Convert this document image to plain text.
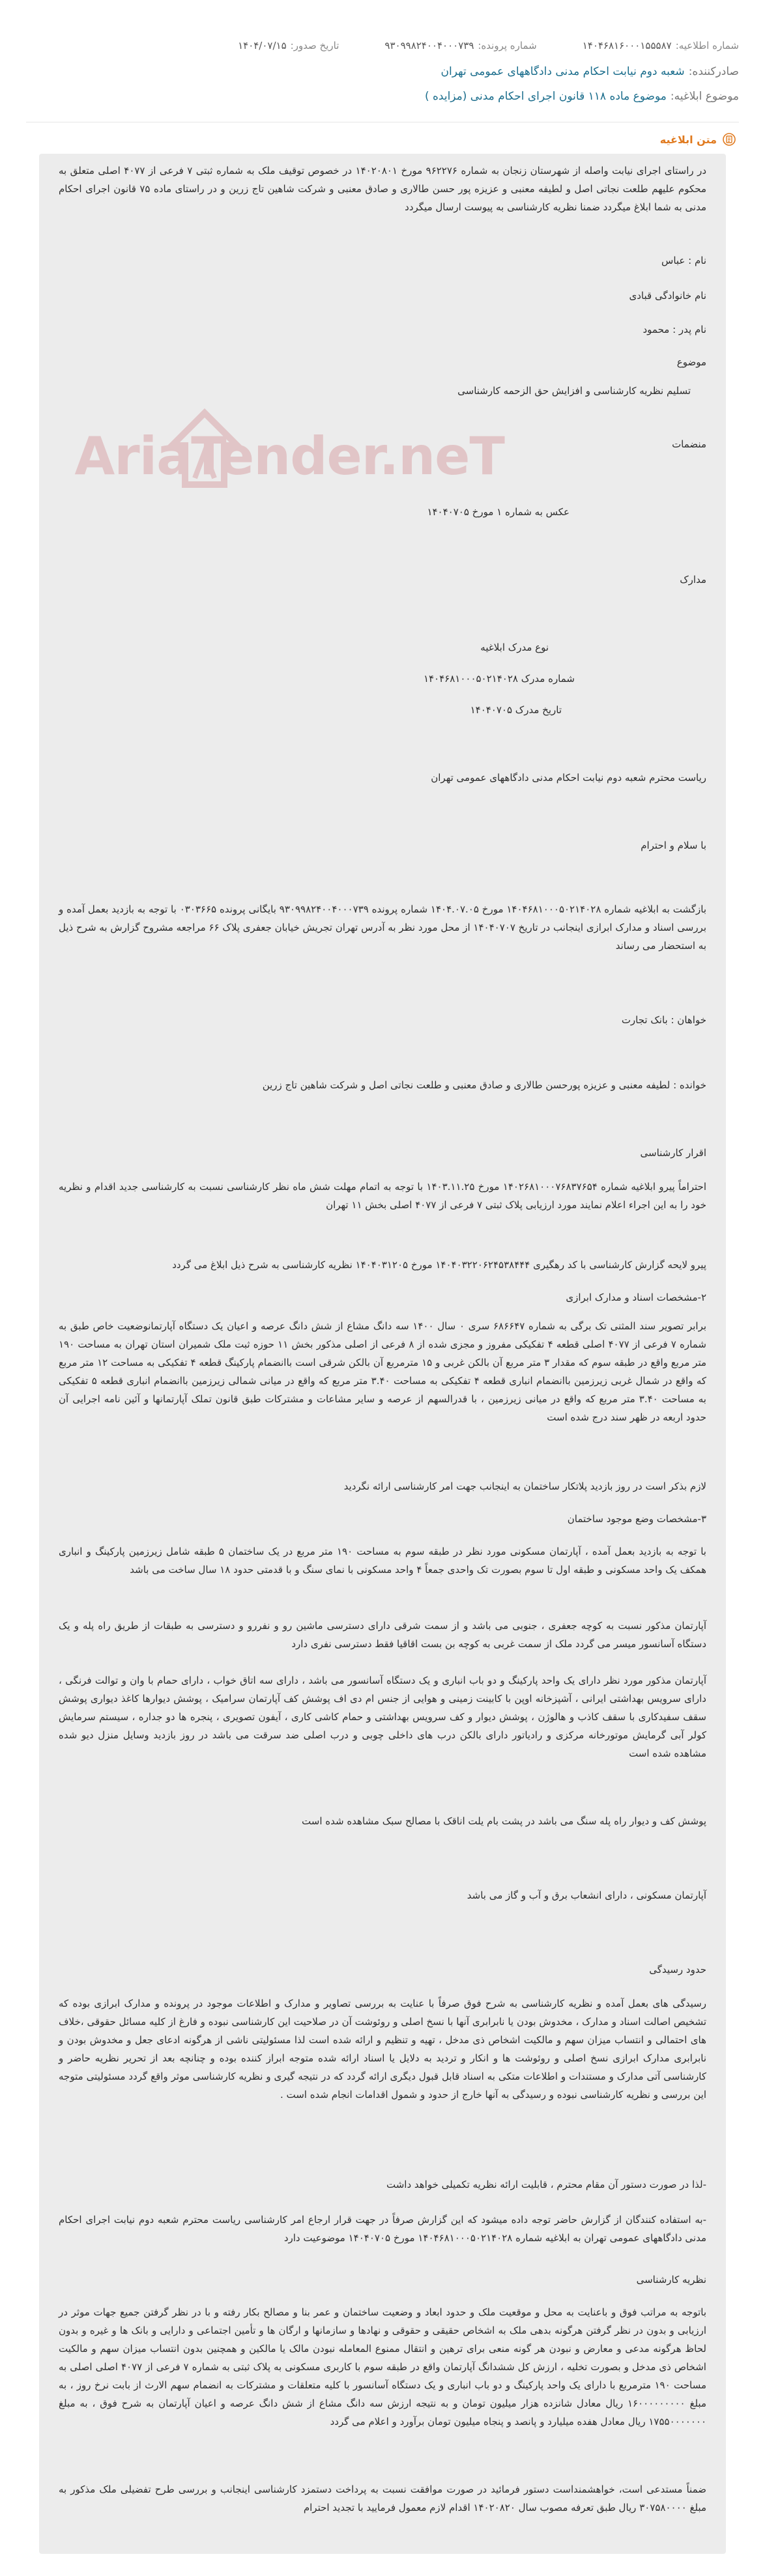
شماره اطلاعیه:۱۴۰۴۶۸۱۶۰۰۰۱۵۵۵۸۷
شماره پرونده:۹۳۰۹۹۸۲۴۰۰۴۰۰۰۷۳۹
تاریخ صدور:۱۴۰۴/۰۷/۱۵
صادرکننده:شعبه دوم نیابت احکام مدنی دادگاههای عمومی تهران
موضوع ابلاغیه:موضوع ماده ۱۱۸ قانون اجرای احکام مدنی (مزایده )
متن ابلاغیه
AriaTender.neT

در راستای اجرای نیابت واصله از شهرستان زنجان به شماره ۹۶۲۲۷۶ مورخ ۱۴۰۲۰۸۰۱ در خصوص توقیف ملک به شماره ثبتی ۷ فرعی از ۴۰۷۷ اصلی متعلق به محکوم علیهم طلعت نجاتی اصل و لطیفه معنبی و عزیزه پور حسن طالاری و صادق معنبی و شرکت شاهین تاج زرین و در راستای ماده ۷۵ قانون اجرای احکام مدنی به شما ابلاغ میگردد ضمنا نظریه کارشناسی به پیوست ارسال میگردد

نام : عباس

نام خانوادگی قبادی

نام پدر : محمود

موضوع

تسلیم نظریه کارشناسی و افزایش حق الزحمه کارشناسی

منضمات

عکس به شماره ۱ مورخ ۱۴۰۴۰۷۰۵

مدارک

نوع مدرک ابلاغیه

شماره مدرک ۱۴۰۴۶۸۱۰۰۰۵۰۲۱۴۰۲۸

تاریخ مدرک ۱۴۰۴۰۷۰۵

ریاست محترم شعبه دوم نیابت احکام مدنی دادگاههای عمومی تهران

با سلام و احترام

بازگشت به ابلاغیه شماره ۱۴۰۴۶۸۱۰۰۰۵۰۲۱۴۰۲۸ مورخ ۱۴۰۴.۰۷.۰۵ شماره پرونده ۹۳۰۹۹۸۲۴۰۰۴۰۰۰۷۳۹ بایگانی پرونده ۰۳۰۳۶۶۵ با توجه به بازدید بعمل آمده و بررسی اسناد و مدارک ابرازی اینجانب در تاریخ ۱۴۰۴۰۷۰۷ از محل مورد نظر به آدرس تهران تجریش خیابان جعفری پلاک ۶۶ مراجعه مشروح گزارش به شرح ذیل به استحضار می رساند

خواهان : بانک تجارت

خوانده : لطیفه معنبی و عزیزه پورحسن طالاری و صادق معنبی و طلعت نجاتی اصل و شرکت شاهین تاج زرین

اقرار کارشناسی

احتراماً پیرو ابلاغیه شماره ۱۴۰۲۶۸۱۰۰۰۷۶۸۳۷۶۵۴ مورخ ۱۴۰۳.۱۱.۲۵ با توجه به اتمام مهلت شش ماه نظر کارشناسی نسبت به کارشناسی جدید اقدام و نظریه خود را به این اجراء اعلام نمایند مورد ارزیابی پلاک ثبتی ۷ فرعی از ۴۰۷۷ اصلی بخش ۱۱ تهران

پیرو لایحه گزارش کارشناسی با کد رهگیری ۱۴۰۴۰۳۲۲۰۶۲۴۵۳۸۴۴۴ مورخ ۱۴۰۴۰۳۱۲۰۵ نظریه کارشناسی به شرح ذیل ابلاغ می گردد

۲-مشخصات اسناد و مدارک ابرازی

برابر تصویر سند المثنی تک برگی به شماره ۶۸۶۶۴۷ سری ۰ سال ۱۴۰۰ سه دانگ مشاع از شش دانگ عرصه و اعیان یک دستگاه آپارتمانوضعیت خاص طبق به شماره ۷ فرعی از ۴۰۷۷ اصلی قطعه ۴ تفکیکی مفروز و مجزی شده از ۸ فرعی از اصلی مذکور بخش ۱۱ حوزه ثبت ملک شمیران استان تهران به مساحت ۱۹۰ متر مربع واقع در طبقه سوم که مقدار ۳ متر مربع آن بالکن غربی و ۱۵ مترمربع آن بالکن شرقی است باانضمام پارکینگ قطعه ۴ تفکیکی به مساحت ۱۲ متر مربع که واقع در شمال غربی زیرزمین باانضمام انباری قطعه ۴ تفکیکی به مساحت ۳.۴۰ متر مربع که واقع در میانی شمالی زیرزمین باانضمام انباری قطعه ۵ تفکیکی به مساحت ۳.۴۰ متر مربع که واقع در میانی زیرزمین ، با قدرالسهم از عرصه و سایر مشاعات و مشترکات طبق قانون تملک آپارتمانها و آئین نامه اجرایی آن حدود اربعه در ظهر سند درج شده است

لازم بذکر است در روز بازدید پلاتکار ساختمان به اینجانب جهت امر کارشناسی ارائه نگردید

۳-مشخصات وضع موجود ساختمان

با توجه به بازدید بعمل آمده ، آپارتمان مسکونی مورد نظر در طبقه سوم به مساحت ۱۹۰ متر مربع در یک ساختمان ۵ طبقه شامل زیرزمین پارکینگ و انباری همکف یک واحد مسکونی و طبقه اول تا سوم بصورت تک واحدی جمعاً ۴ واحد مسکونی با نمای سنگ و با قدمتی حدود ۱۸ سال ساخت می باشد

آپارتمان مذکور نسبت به کوچه جعفری ، جنوبی می باشد و از سمت شرقی دارای دسترسی ماشین رو و نفررو و دسترسی به طبقات از طریق راه پله و یک دستگاه آسانسور میسر می گردد ملک از سمت غربی به کوچه بن بست اقاقیا فقط دسترسی نفری دارد

آپارتمان مذکور مورد نظر دارای یک واحد پارکینگ و دو باب انباری و یک دستگاه آسانسور می باشد ، دارای سه اتاق خواب ، دارای حمام با وان و توالت فرنگی ، دارای سرویس بهداشتی ایرانی ، آشپزخانه اوپن با کابینت زمینی و هوایی از جنس ام دی اف پوشش کف آپارتمان سرامیک ، پوشش دیوارها کاغذ دیواری پوشش سقف سفیدکاری با سقف کاذب و هالوژن ، پوشش دیوار و کف سرویس بهداشتی و حمام کاشی کاری ، آیفون تصویری ، پنجره ها دو جداره ، سیستم سرمایش کولر آبی گرمایش موتورخانه مرکزی و رادیاتور دارای بالکن درب های داخلی چوبی و درب اصلی ضد سرقت می باشد در روز بازدید وسایل منزل دیو شده مشاهده شده است

پوشش کف و دیوار راه پله سنگ می باشد در پشت بام یلت اناقک با مصالح سبک مشاهده شده است

آپارتمان مسکونی ، دارای انشعاب برق و آب و گاز می باشد

حدود رسیدگی

رسیدگی های بعمل آمده و نظریه کارشناسی به شرح فوق صرفاً با عنایت به بررسی تصاویر و مدارک و اطلاعات موجود در پرونده و مدارک ابرازی بوده که تشخیص اصالت اسناد و مدارک ، مخدوش بودن یا نابرابری آنها با نسخ اصلی و روئوشت آن در صلاحیت این کارشناسی نبوده و فارغ از کلیه مسائل حقوقی ،خلاف های احتمالی و انتساب میزان سهم و مالکیت اشخاص ذی مدخل ، تهیه و تنظیم و ارائه شده است لذا مسئولیتی ناشی از هرگونه ادعای جعل و مخدوش بودن و نابرابری مدارک ابرازی نسخ اصلی و روئوشت ها و انکار و تردید به دلایل یا اسناد ارائه شده متوجه ابراز کننده بوده و چنانچه بعد از تحریر نظریه حاضر و کارشناسی آتی مدارک و مستندات و اطلاعات متکی به اسناد قابل قبول دیگری ارائه گردد که در نتیجه گیری و نظریه کارشناسی موثر واقع گردد مسئولیتی متوجه این بررسی و نظریه کارشناسی نبوده و رسیدگی به آنها خارج از حدود و شمول اقدامات انجام شده است .

-لذا در صورت دستور آن مقام محترم ، قابلیت ارائه نظریه تکمیلی خواهد داشت

-به استفاده کنندگان از گزارش حاضر توجه داده میشود که این گزارش صرفاً در جهت قرار ارجاع امر کارشناسی ریاست محترم شعبه دوم نیابت اجرای احکام مدنی دادگاههای عمومی تهران به ابلاغیه شماره ۱۴۰۴۶۸۱۰۰۰۵۰۲۱۴۰۲۸ مورخ ۱۴۰۴۰۷۰۵ موضوعیت دارد

نظریه کارشناسی

باتوجه به مراتب فوق و باعنایت به محل و موقعیت ملک و حدود ابعاد و وضعیت ساختمان و عمر بنا و مصالح بکار رفته و با در نظر گرفتن جمیع جهات موثر در ارزیابی و بدون در نظر گرفتن هرگونه بدهی ملک به اشخاص حقیقی و حقوقی و نهادها و سازمانها و ارگان ها و تأمین اجتماعی و دارایی و بانک ها و غیره و بدون لحاظ هرگونه مدعی و معارض و نبودن هر گونه منعی برای ترهین و انتقال ممنوع المعامله نبودن مالک یا مالکین و همچنین بدون انتساب میزان سهم و مالکیت اشخاص ذی مدخل و بصورت تخلیه ، ارزش کل ششدانگ آپارتمان واقع در طبقه سوم با کاربری مسکونی به پلاک ثبتی به شماره ۷ فرعی از ۴۰۷۷ اصلی اصلی به مساحت ۱۹۰ مترمربع با دارای یک واحد پارکینگ و دو باب انباری و یک دستگاه آسانسور با کلیه متعلقات و مشترکات به انضمام سهم الارث از بابت نرخ روز ، به مبلغ ۱۶۰۰۰۰۰۰۰۰۰ ریال معادل شانزده هزار میلیون تومان و به نتیجه ارزش سه دانگ مشاع از شش دانگ عرصه و اعیان آپارتمان به شرح فوق ، به مبلغ ۱۷۵۵۰۰۰۰۰۰۰ ریال معادل هفده میلیارد و پانصد و پنجاه میلیون تومان برآورد و اعلام می گردد

ضمناً مستدعی است، خواهشمنداست دستور فرمائید در صورت موافقت نسبت به پرداخت دستمزد کارشناسی اینجانب و بررسی طرح تفضیلی ملک مذکور به مبلغ ۳۰۷۵۸۰۰۰۰ ریال طبق تعرفه مصوب سال ۱۴۰۲۰۸۲۰ اقدام لازم معمول فرمایید با تجدید احترام
